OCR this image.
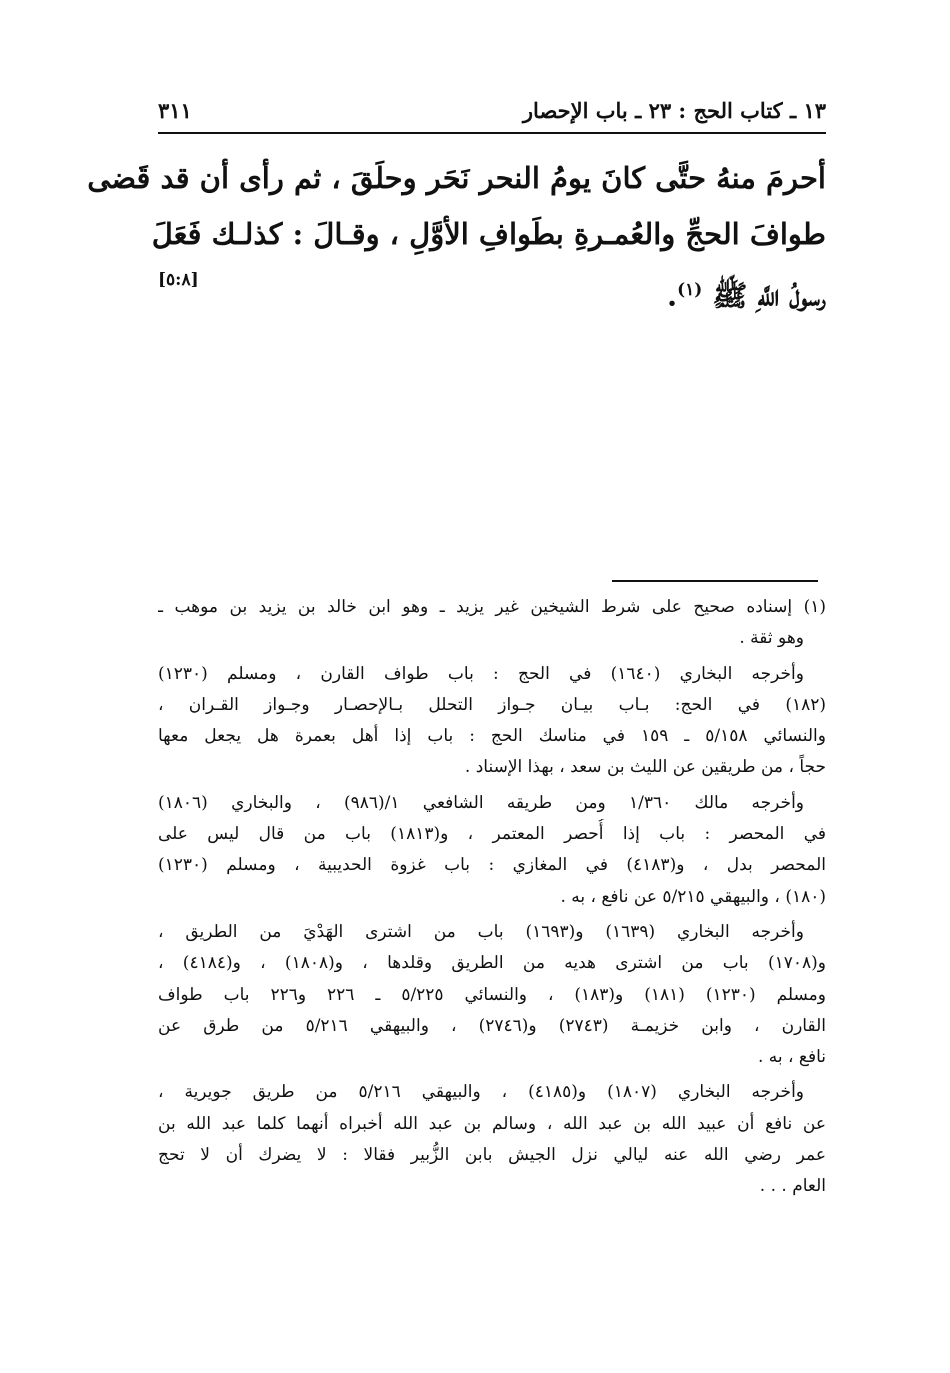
١٣ ـ كتاب الحج : ٢٣ ـ باب الإحصار
٣١١
أحرمَ منهُ حتَّى كانَ يومُ النحر نَحَر وحلَقَ ، ثم رأى أن قد قَضى
طوافَ الحجِّ والعُمـرةِ بطَوافِ الأوَّلِ ، وقـالَ : كذلـك فَعَلَ
رسولُ اللَّهِ ﷺ $^{(١)}$.
[٥:٨]
(١) إسناده صحيح على شرط الشيخين غير يزيد ـ وهو ابن خالد بن يزيد بن موهب ـ
وهو ثقة .
وأخرجه البخاري (١٦٤٠) في الحج : باب طواف القارن ، ومسلم (١٢٣٠)
(١٨٢) في الحج: بـاب بيـان جـواز التحلل بـالإحصـار وجـواز القـران ،
والنسائي ٥/١٥٨ ـ ١٥٩ في مناسك الحج : باب إذا أهل بعمرة هل يجعل معها
حجاً ، من طريقين عن الليث بن سعد ، بهذا الإسناد .
وأخرجه مالك ١/٣٦٠ ومن طريقه الشافعي ١/(٩٨٦) ، والبخاري (١٨٠٦)
في المحصر : باب إذا أُحصر المعتمر ، و(١٨١٣) باب من قال ليس على
المحصر بدل ، و(٤١٨٣) في المغازي : باب غزوة الحديبية ، ومسلم (١٢٣٠)
(١٨٠) ، والبيهقي ٥/٢١٥ عن نافع ، به .
وأخرجه البخاري (١٦٣٩) و(١٦٩٣) باب من اشترى الهَدْيَ من الطريق ،
و(١٧٠٨) باب من اشترى هديه من الطريق وقلدها ، و(١٨٠٨) ، و(٤١٨٤) ،
ومسلم (١٢٣٠) (١٨١) و(١٨٣) ، والنسائي ٥/٢٢٥ ـ ٢٢٦ و٢٢٦ باب طواف
القارن ، وابن خزيمـة (٢٧٤٣) و(٢٧٤٦) ، والبيهقي ٥/٢١٦ من طرق عن
نافع ، به .
وأخرجه البخاري (١٨٠٧) و(٤١٨٥) ، والبيهقي ٥/٢١٦ من طريق جويرية ،
عن نافع أن عبيد الله بن عبد الله ، وسالم بن عبد الله أخبراه أنهما كلما عبد الله بن
عمر رضي الله عنه ليالي نزل الجيش بابن الزُّبير فقالا : لا يضرك أن لا تحج
العام . . .
